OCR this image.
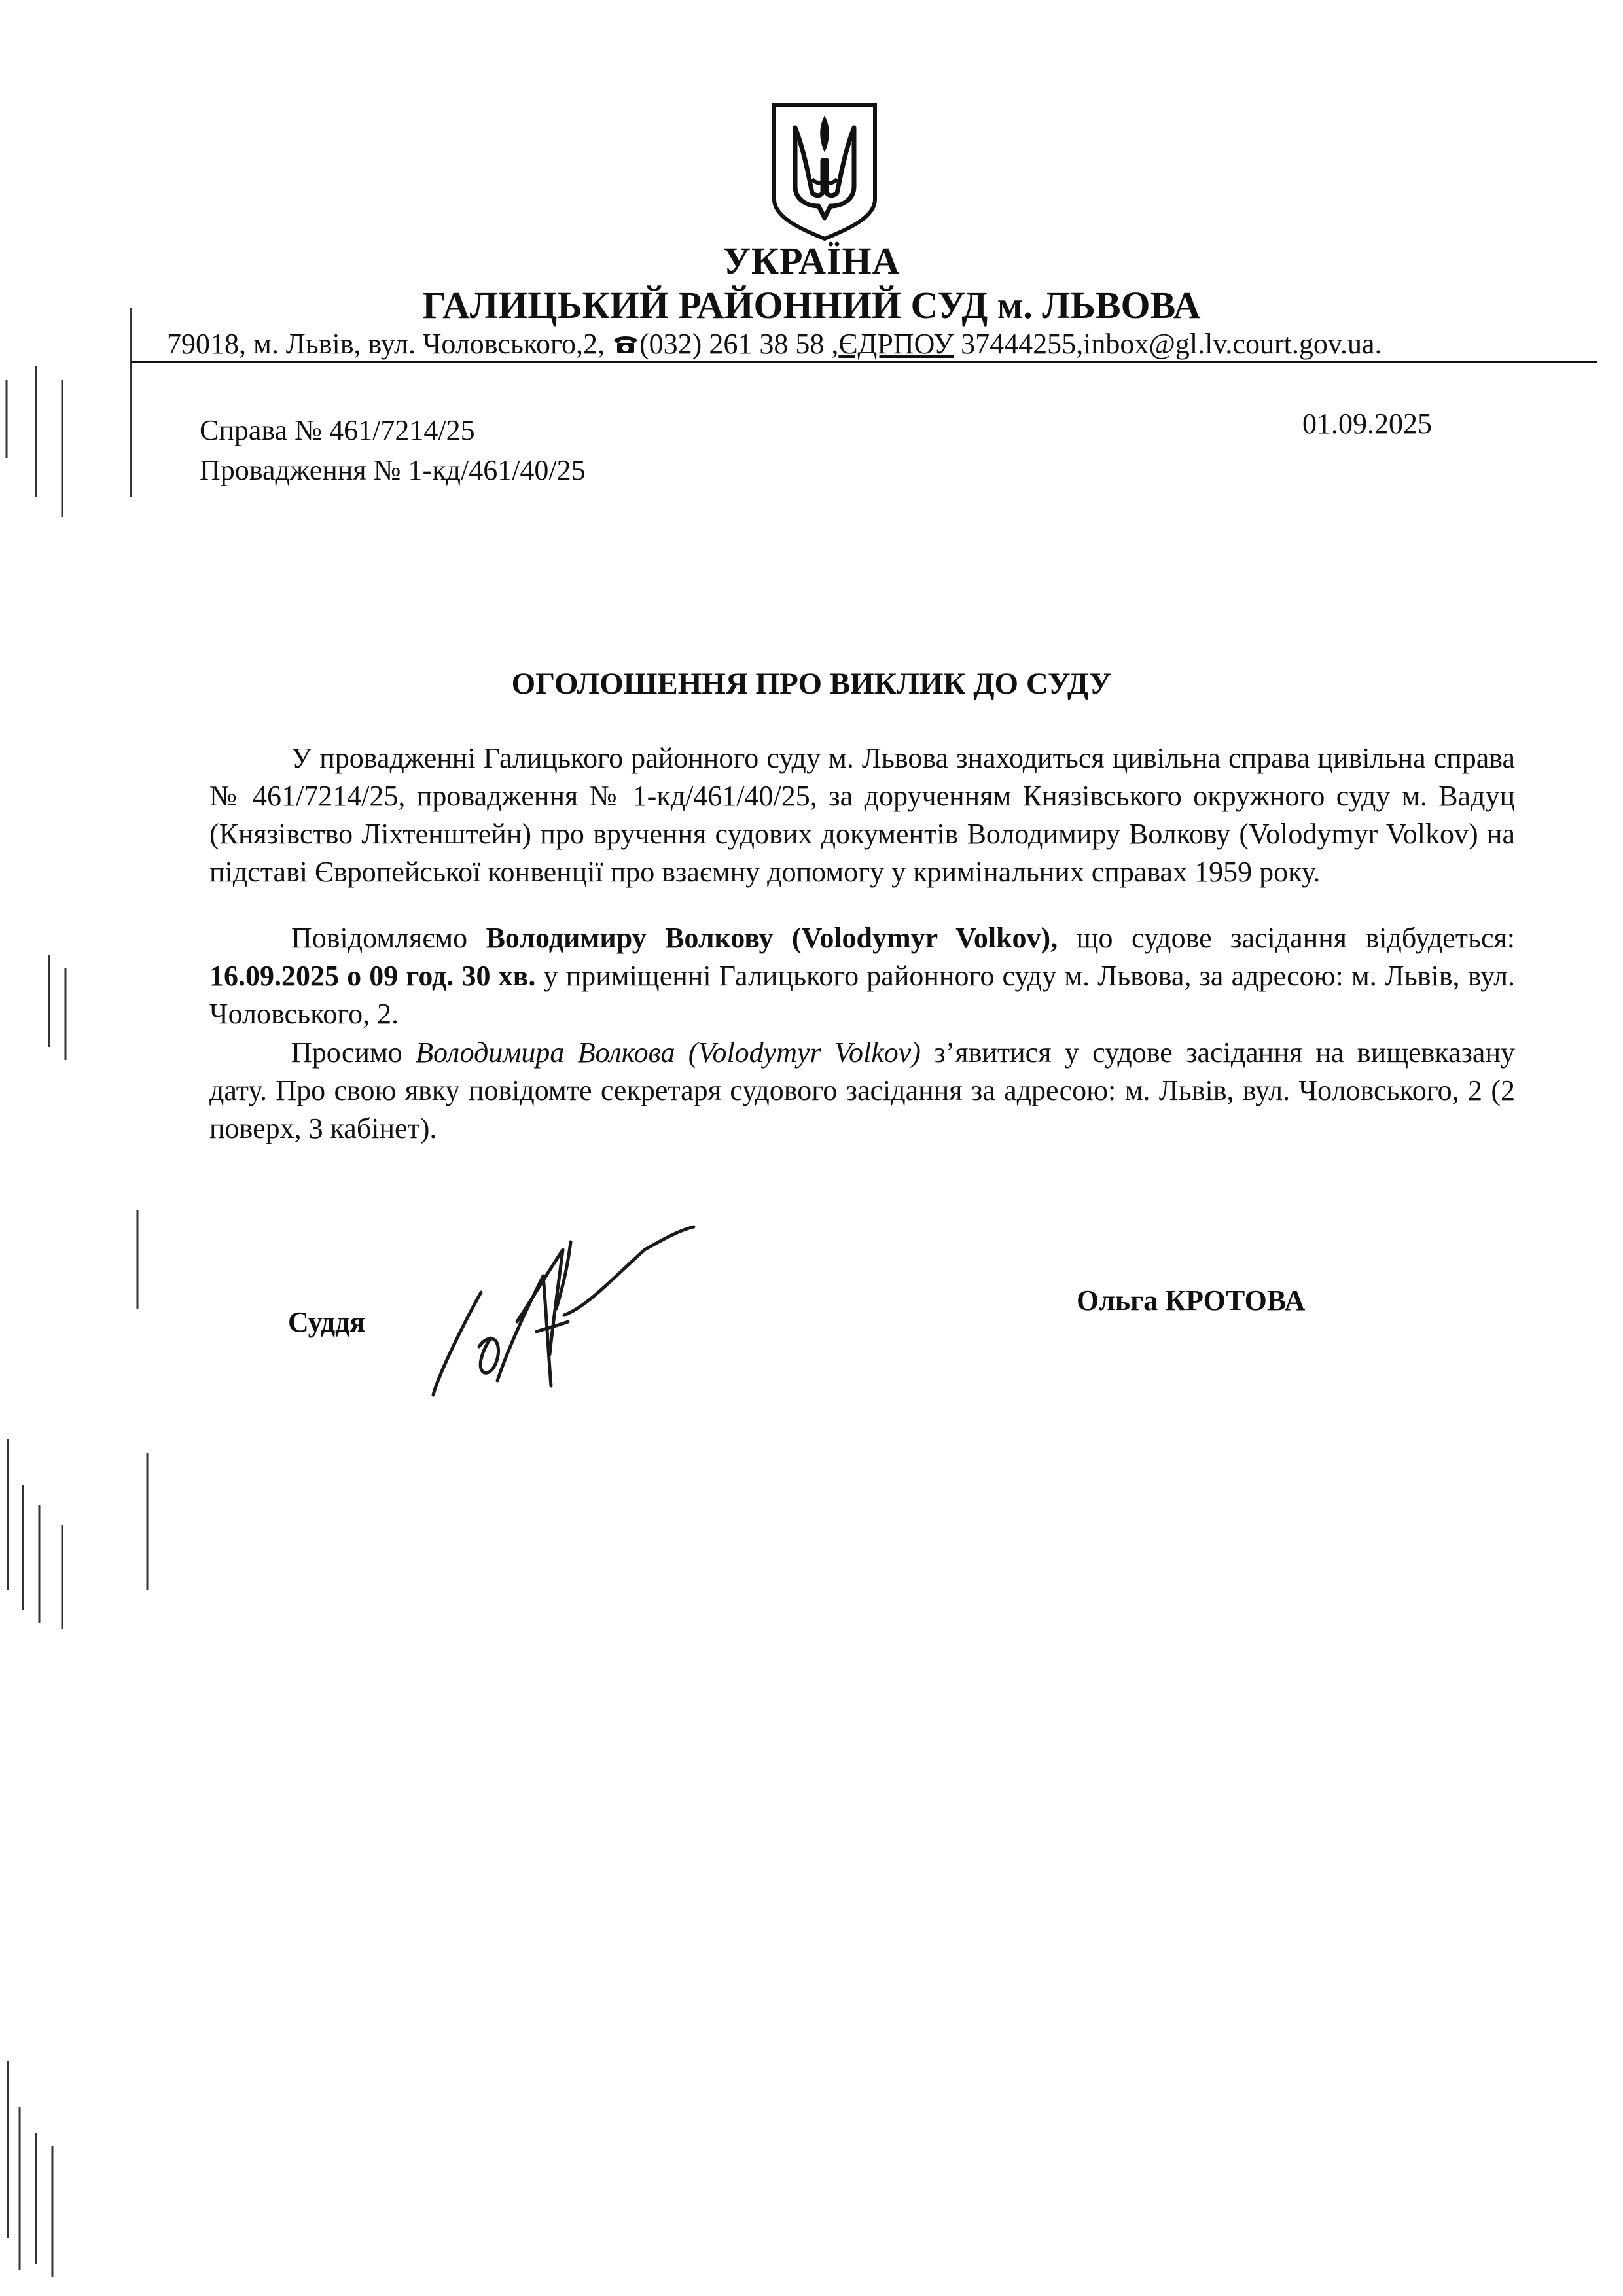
УКРАЇНА
ГАЛИЦЬКИЙ РАЙОННИЙ СУД м. ЛЬВОВА
79018, м. Львів, вул. Чоловського,2, (032) 261 38 58 ,ЄДРПОУ 37444255,inbox@gl.lv.court.gov.ua.
Справа № 461/7214/25
Провадження № 1-кд/461/40/25
01.09.2025
ОГОЛОШЕННЯ ПРО ВИКЛИК ДО СУДУ
У провадженні Галицького районного суду м. Львова знаходиться цивільна справа цивільна справа № 461/7214/25, провадження № 1-кд/461/40/25, за дорученням Князівського окружного суду м. Вадуц (Князівство Ліхтенштейн) про вручення судових документів Володимиру Волкову (Volodymyr Volkov) на підставі Європейської конвенції про взаємну допомогу у кримінальних справах 1959 року.
Повідомляємо Володимиру Волкову (Volodymyr Volkov), що судове засідання відбудеться: 16.09.2025 о 09 год. 30 хв. у приміщенні Галицького районного суду м. Львова, за адресою: м. Львів, вул. Чоловського, 2.
Просимо Володимира Волкова (Volodymyr Volkov) з’явитися у судове засідання на вищевказану дату. Про свою явку повідомте секретаря судового засідання за адресою: м. Львів, вул. Чоловського, 2 (2 поверх, 3 кабінет).
Суддя
Ольга КРОТОВА
